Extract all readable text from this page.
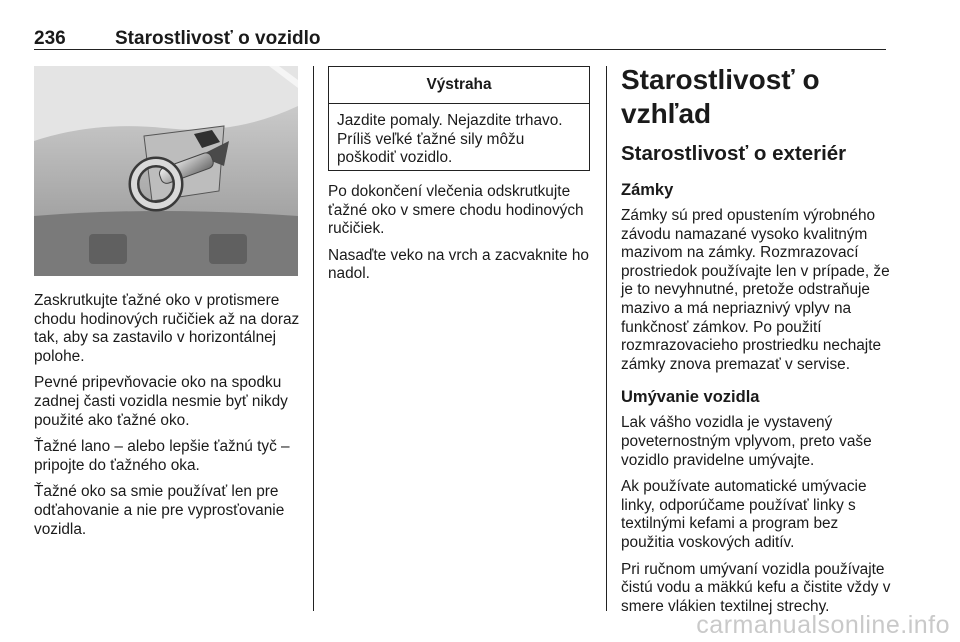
236	Starostlivosť o vozidlo

Zaskrutkujte ťažné oko v protismere chodu hodinových ručičiek až na doraz tak, aby sa zastavilo v horizontálnej polohe.

Pevné pripevňovacie oko na spodku zadnej časti vozidla nesmie byť nikdy použité ako ťažné oko.

Ťažné lano – alebo lepšie ťažnú tyč – pripojte do ťažného oka.

Ťažné oko sa smie používať len pre odťahovanie a nie pre vyprosťovanie vozidla.

Výstraha
Jazdite pomaly. Nejazdite trhavo. Príliš veľké ťažné sily môžu poškodiť vozidlo.

Po dokončení vlečenia odskrutkujte ťažné oko v smere chodu hodinových ručičiek.

Nasaďte veko na vrch a zacvaknite ho nadol.

Starostlivosť o vzhľad
Starostlivosť o exteriér
Zámky

Zámky sú pred opustením výrobného závodu namazané vysoko kvalitným mazivom na zámky. Rozmrazovací prostriedok používajte len v prípade, že je to nevyhnutné, pretože odstraňuje mazivo a má nepriaznivý vplyv na funkčnosť zámkov. Po použití rozmrazovacieho prostriedku nechajte zámky znova premazať v servise.

Umývanie vozidla

Lak vášho vozidla je vystavený poveternostným vplyvom, preto vaše vozidlo pravidelne umývajte.

Ak používate automatické umývacie linky, odporúčame používať linky s textilnými kefami a program bez použitia voskových aditív.

Pri ručnom umývaní vozidla používajte čistú vodu a mäkkú kefu a čistite vždy v smere vlákien textilnej strechy.

carmanualsonline.info
